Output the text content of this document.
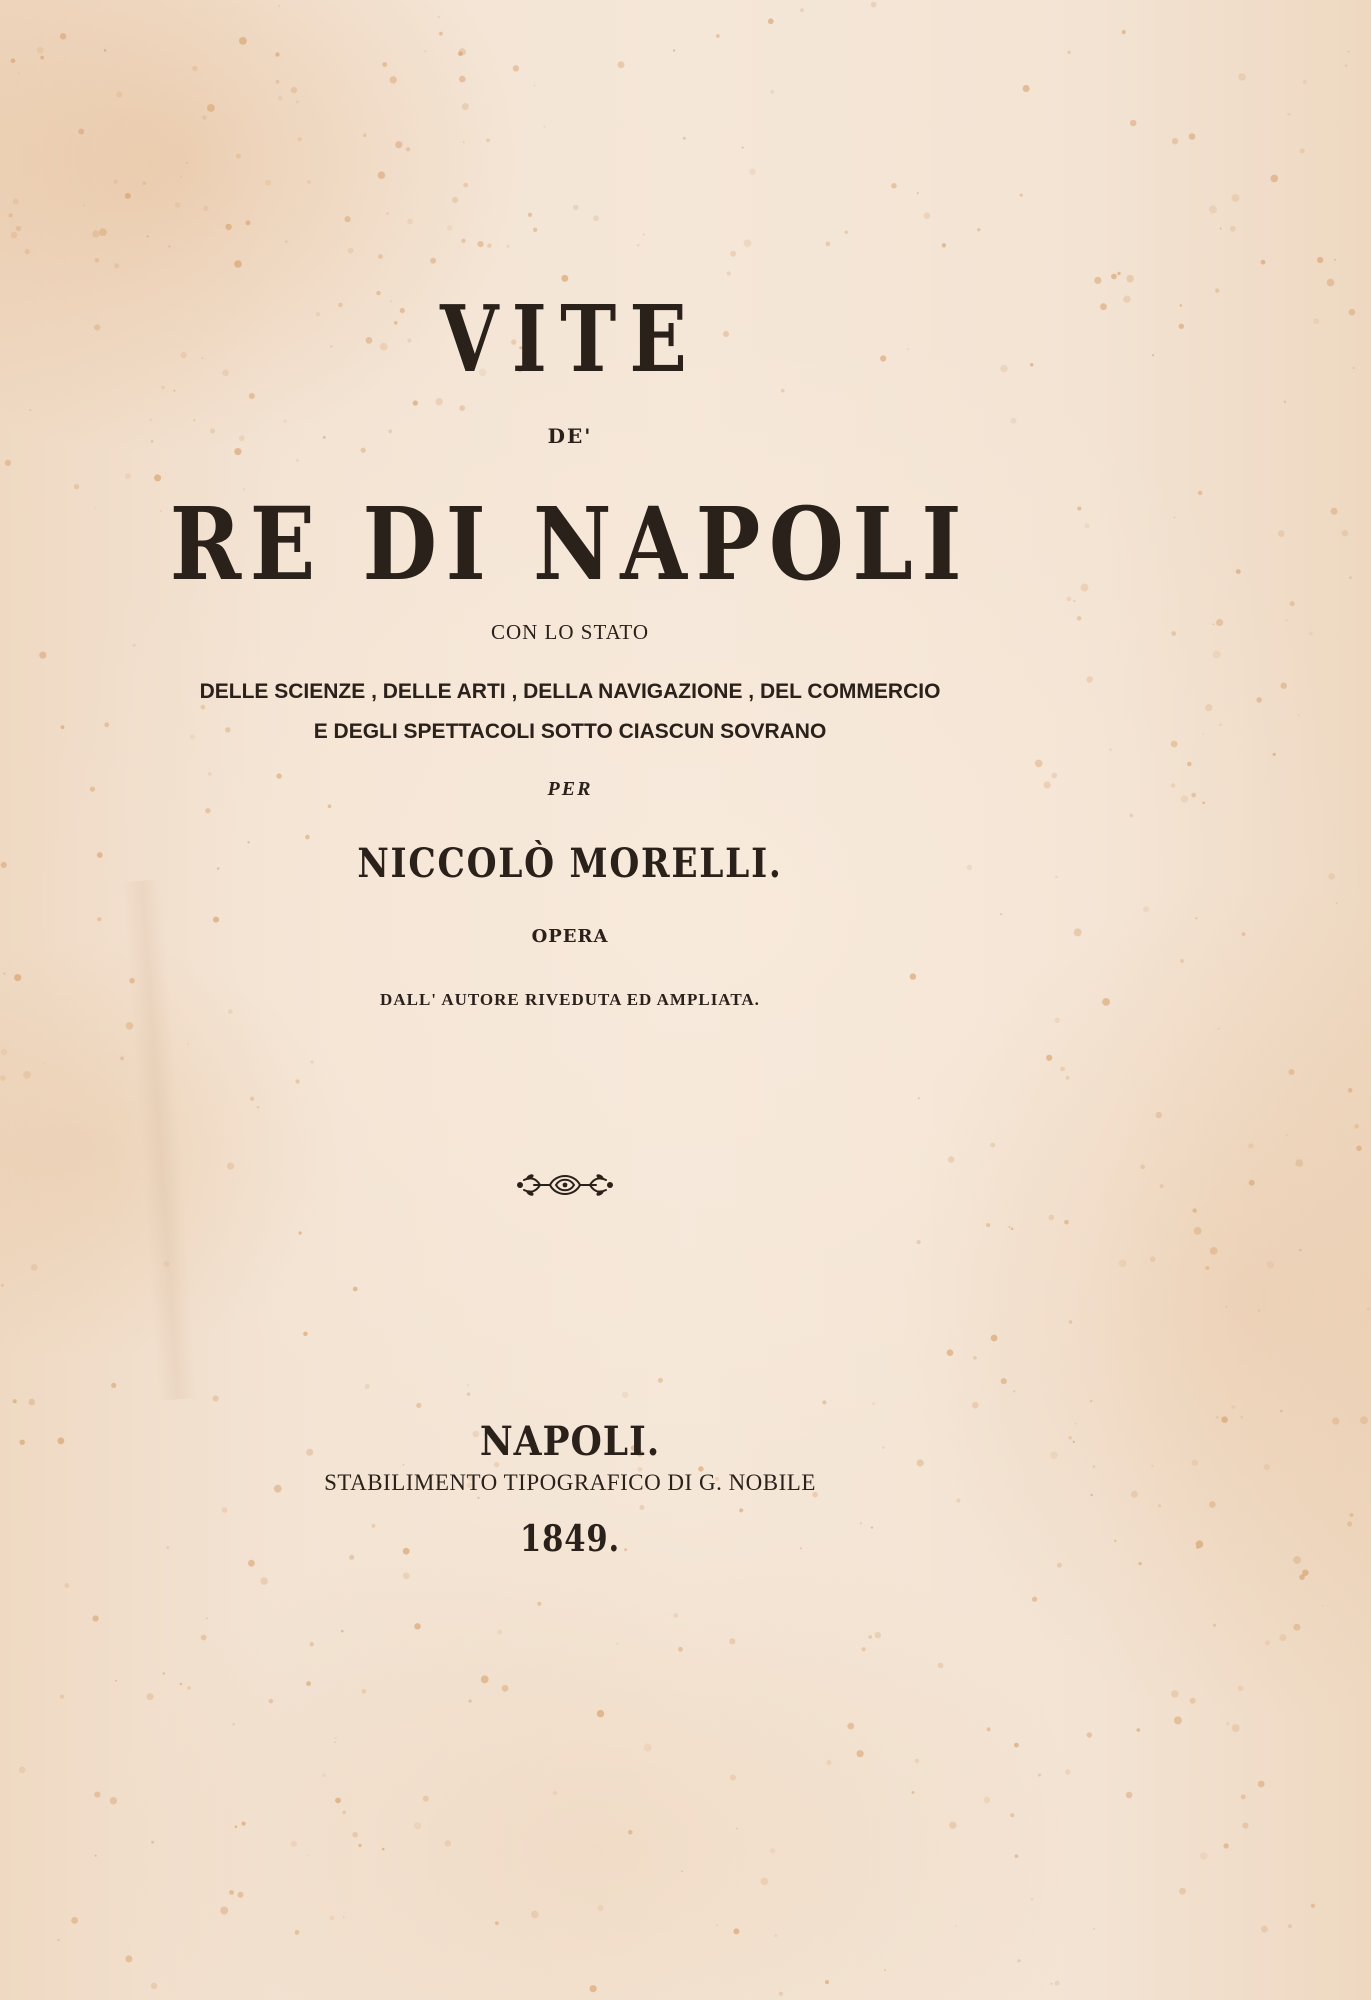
VITE

DE'

RE DI NAPOLI

CON LO STATO

DELLE SCIENZE , DELLE ARTI , DELLA NAVIGAZIONE , DEL COMMERCIO

E DEGLI SPETTACOLI SOTTO CIASCUN SOVRANO

PER

NICCOLÒ MORELLI.

OPERA

DALL' AUTORE RIVEDUTA ED AMPLIATA.

NAPOLI.

STABILIMENTO TIPOGRAFICO DI G. NOBILE

1849.
